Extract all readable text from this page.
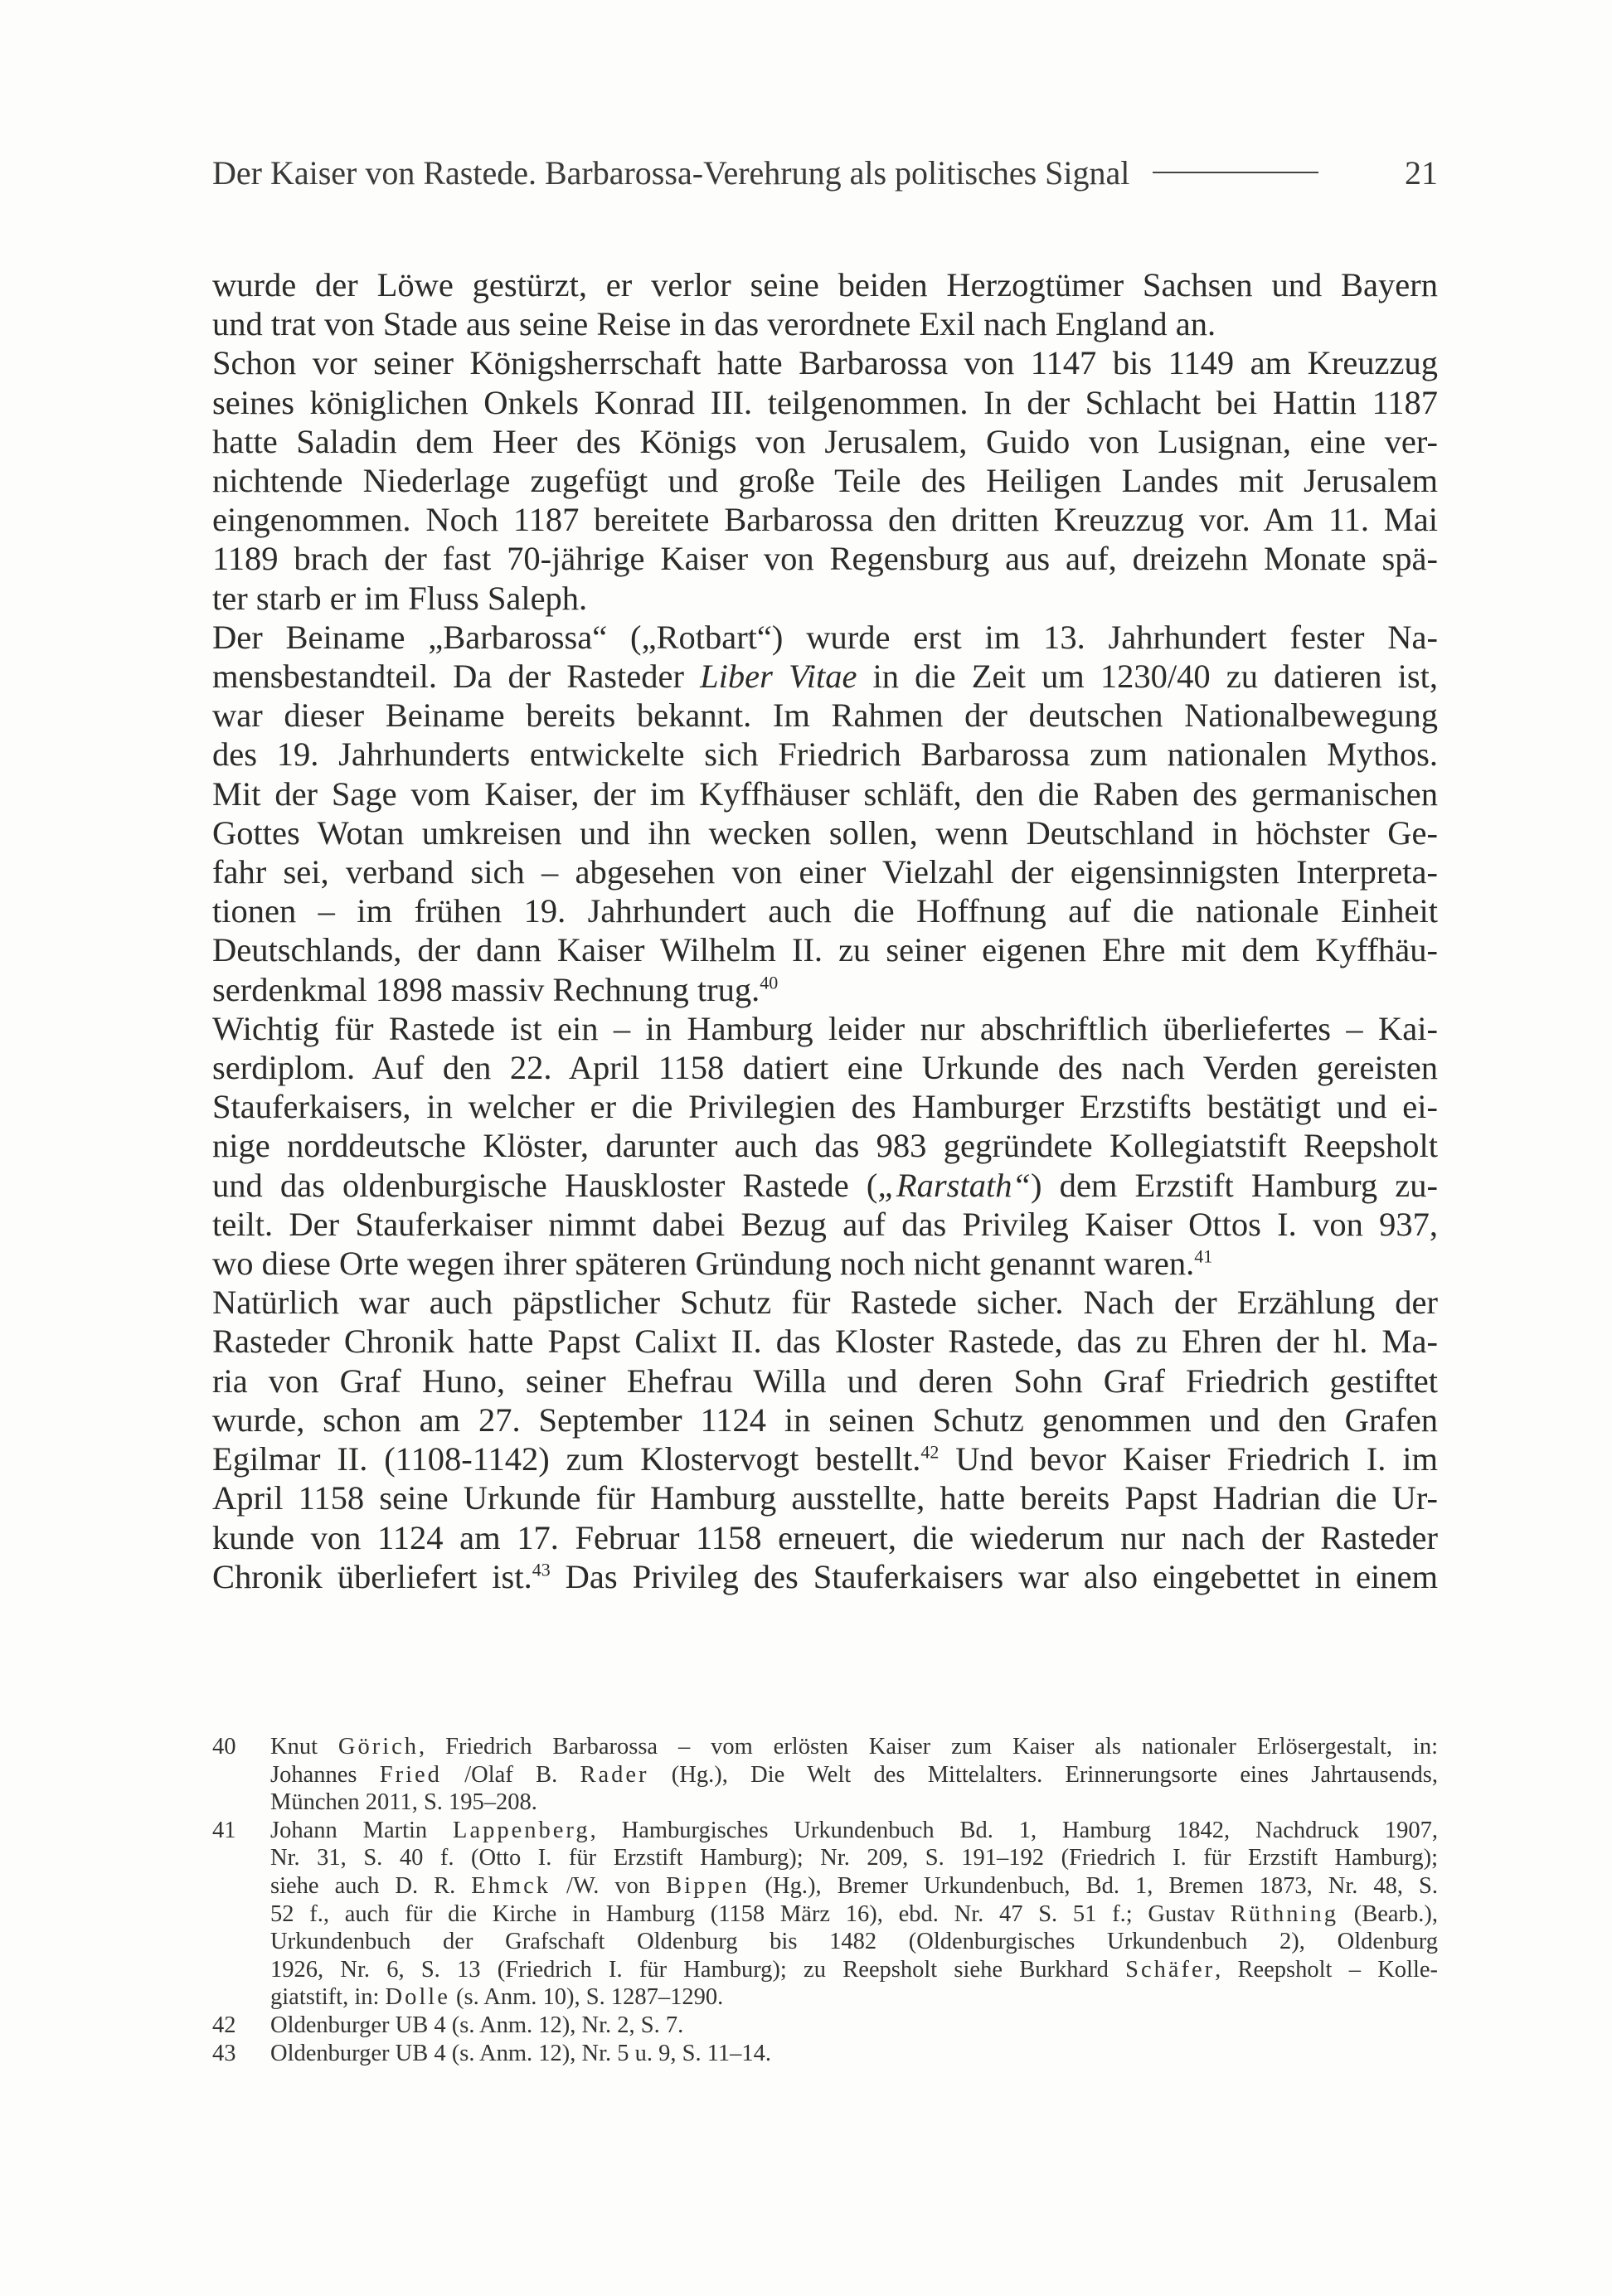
Der Kaiser von Rastede. Barbarossa-Verehrung als politisches Signal	21
wurde der Löwe gestürzt, er verlor seine beiden Herzogtümer Sachsen und Bayern
und trat von Stade aus seine Reise in das verordnete Exil nach England an.
Schon vor seiner Königsherrschaft hatte Barbarossa von 1147 bis 1149 am Kreuzzug
seines königlichen Onkels Konrad III. teilgenommen. In der Schlacht bei Hattin 1187
hatte Saladin dem Heer des Königs von Jerusalem, Guido von Lusignan, eine ver-
nichtende Niederlage zugefügt und große Teile des Heiligen Landes mit Jerusalem
eingenommen. Noch 1187 bereitete Barbarossa den dritten Kreuzzug vor. Am 11. Mai
1189 brach der fast 70-jährige Kaiser von Regensburg aus auf, dreizehn Monate spä-
ter starb er im Fluss Saleph.
Der Beiname „Barbarossa“ („Rotbart“) wurde erst im 13. Jahrhundert fester Na-
mensbestandteil. Da der Rasteder Liber Vitae in die Zeit um 1230/40 zu datieren ist,
war dieser Beiname bereits bekannt. Im Rahmen der deutschen Nationalbewegung
des 19. Jahrhunderts entwickelte sich Friedrich Barbarossa zum nationalen Mythos.
Mit der Sage vom Kaiser, der im Kyffhäuser schläft, den die Raben des germanischen
Gottes Wotan umkreisen und ihn wecken sollen, wenn Deutschland in höchster Ge-
fahr sei, verband sich – abgesehen von einer Vielzahl der eigensinnigsten Interpreta-
tionen – im frühen 19. Jahrhundert auch die Hoffnung auf die nationale Einheit
Deutschlands, der dann Kaiser Wilhelm II. zu seiner eigenen Ehre mit dem Kyffhäu-
serdenkmal 1898 massiv Rechnung trug.$^{40}$
Wichtig für Rastede ist ein – in Hamburg leider nur abschriftlich überliefertes – Kai-
serdiplom. Auf den 22. April 1158 datiert eine Urkunde des nach Verden gereisten
Stauferkaisers, in welcher er die Privilegien des Hamburger Erzstifts bestätigt und ei-
nige norddeutsche Klöster, darunter auch das 983 gegründete Kollegiatstift Reepsholt
und das oldenburgische Hauskloster Rastede („Rarstath“) dem Erzstift Hamburg zu-
teilt. Der Stauferkaiser nimmt dabei Bezug auf das Privileg Kaiser Ottos I. von 937,
wo diese Orte wegen ihrer späteren Gründung noch nicht genannt waren.$^{41}$
Natürlich war auch päpstlicher Schutz für Rastede sicher. Nach der Erzählung der
Rasteder Chronik hatte Papst Calixt II. das Kloster Rastede, das zu Ehren der hl. Ma-
ria von Graf Huno, seiner Ehefrau Willa und deren Sohn Graf Friedrich gestiftet
wurde, schon am 27. September 1124 in seinen Schutz genommen und den Grafen
Egilmar II. (1108-1142) zum Klostervogt bestellt.$^{42}$ Und bevor Kaiser Friedrich I. im
April 1158 seine Urkunde für Hamburg ausstellte, hatte bereits Papst Hadrian die Ur-
kunde von 1124 am 17. Februar 1158 erneuert, die wiederum nur nach der Rasteder
Chronik überliefert ist.$^{43}$ Das Privileg des Stauferkaisers war also eingebettet in einem
40	Knut Görich, Friedrich Barbarossa – vom erlösten Kaiser zum Kaiser als nationaler Erlösergestalt, in:
Johannes Fried /Olaf B. Rader (Hg.), Die Welt des Mittelalters. Erinnerungsorte eines Jahrtausends,
München 2011, S. 195–208.
41	Johann Martin Lappenberg, Hamburgisches Urkundenbuch Bd. 1, Hamburg 1842, Nachdruck 1907,
Nr. 31, S. 40 f. (Otto I. für Erzstift Hamburg); Nr. 209, S. 191–192 (Friedrich I. für Erzstift Hamburg);
siehe auch D. R. Ehmck /W. von Bippen (Hg.), Bremer Urkundenbuch, Bd. 1, Bremen 1873, Nr. 48, S.
52 f., auch für die Kirche in Hamburg (1158 März 16), ebd. Nr. 47 S. 51 f.; Gustav Rüthning (Bearb.),
Urkundenbuch der Grafschaft Oldenburg bis 1482 (Oldenburgisches Urkundenbuch 2), Oldenburg
1926, Nr. 6, S. 13 (Friedrich I. für Hamburg); zu Reepsholt siehe Burkhard Schäfer, Reepsholt – Kolle-
giatstift, in: Dolle (s. Anm. 10), S. 1287–1290.
42	Oldenburger UB 4 (s. Anm. 12), Nr. 2, S. 7.
43	Oldenburger UB 4 (s. Anm. 12), Nr. 5 u. 9, S. 11–14.
